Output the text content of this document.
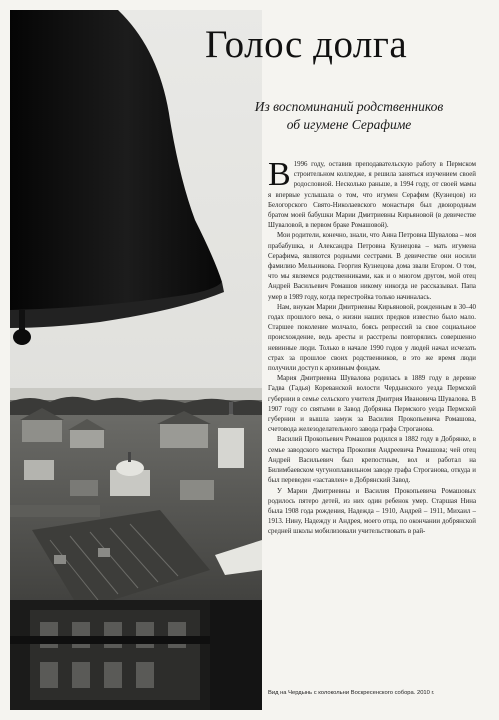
Голос долга
Из воспоминаний родственников
об игумене Серафиме

В 1996 году, оставив преподавательскую работу в Пермском строительном колледже, я решила заняться изучением своей родословной. Несколько раньше, в 1994 году, от своей мамы я впервые услышала о том, что игумен Серафим (Кузнецов) из Белогорского Свято-Николаевского монастыря был двоюродным братом моей бабушки Марии Дмитриевны Кирьяновой (в девичестве Шуваловой, в первом браке Ромашовой).

Мои родители, конечно, знали, что Анна Петровна Шувалова – моя прабабушка, и Александра Петровна Кузнецова – мать игумена Серафима, являются родными сестрами. В девичестве они носили фамилию Мельникова. Георгия Кузнецова дома звали Егором. О том, что мы являемся родственниками, как и о многом другом, мой отец Андрей Васильевич Ромашов никому никогда не рассказывал. Папа умер в 1989 году, когда перестройка только начиналась.

Нам, внукам Марии Дмитриевны Кирьяновой, рожденным в 30–40 годах прошлого века, о жизни наших предков известно было мало. Старшее поколение молчало, боясь репрессий за свое социальное происхождение, ведь аресты и расстрелы повторялись совершенно невинные люди. Только в начале 1990 годов у людей начал исчезать страх за прошлое своих родственников, в это же время люди получили доступ к архивным фондам.

Мария Дмитриевна Шувалова родилась в 1889 году в деревне Гадва (Гадья) Кореванской волости Чердынского уезда Пермской губернии в семье сельского учителя Дмитрия Ивановича Шувалова. В 1907 году со святыми в Завод Добрянка Пермского уезда Пермской губернии и вышла замуж за Василия Прокопьевича Ромашова, счетовода железоделательного завода графа Строганова.

Василий Прокопьевич Ромашов родился в 1882 году в Добрянке, в семье заводского мастера Прокопия Андреевича Ромашова; чей отец Андрей Васильевич был крепостным, вол и работал на Билимбаевском чугуноплавильном заводе графа Строганова, откуда и был переведен «заставлен» в Добрянский Завод.

У Марии Дмитриевны и Василия Прокопьевича Ромашовых родилось пятеро детей, из них один ребенок умер. Старшая Нина была 1908 года рождения, Надежда – 1910, Андрей – 1911, Михаил – 1913. Нину, Надежду и Андрея, моего отца, по окончании добрянской средней школы мобилизовали учительствовать в рай-

Вид на Чердынь с колокольни Воскресенского собора. 2010 г.
